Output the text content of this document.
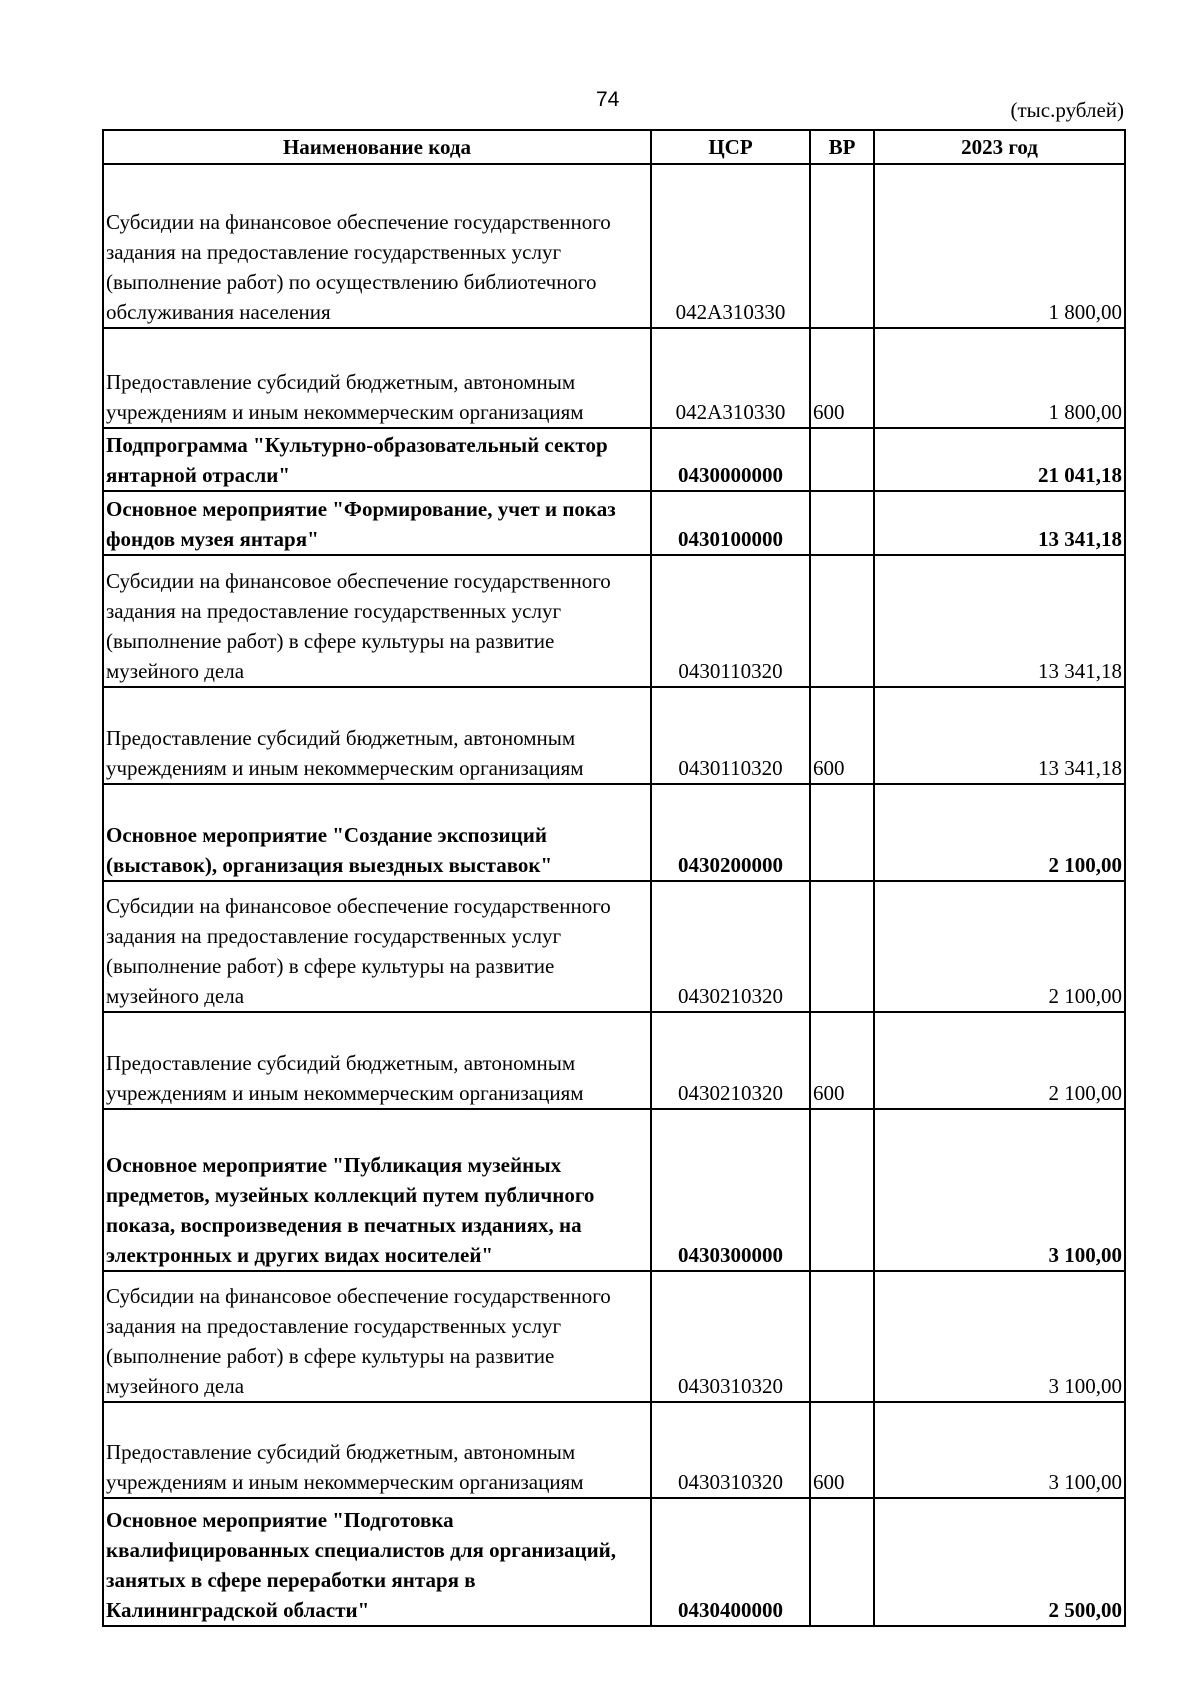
74	(тыс.рублей)
Наименование кода	ЦСР	ВР	2023 год
Субсидии на финансовое обеспечение государственного задания на предоставление государственных услуг (выполнение работ) по осуществлению библиотечного обслуживания населения	042А310330		1 800,00
Предоставление субсидий бюджетным, автономным учреждениям и иным некоммерческим организациям	042А310330	600	1 800,00
Подпрограмма "Культурно-образовательный сектор янтарной отрасли"	0430000000		21 041,18
Основное мероприятие "Формирование, учет и показ фондов музея янтаря"	0430100000		13 341,18
Субсидии на финансовое обеспечение государственного задания на предоставление государственных услуг (выполнение работ) в сфере культуры на развитие музейного дела	0430110320		13 341,18
Предоставление субсидий бюджетным, автономным учреждениям и иным некоммерческим организациям	0430110320	600	13 341,18
Основное мероприятие "Создание экспозиций (выставок), организация выездных выставок"	0430200000		2 100,00
Субсидии на финансовое обеспечение государственного задания на предоставление государственных услуг (выполнение работ) в сфере культуры на развитие музейного дела	0430210320		2 100,00
Предоставление субсидий бюджетным, автономным учреждениям и иным некоммерческим организациям	0430210320	600	2 100,00
Основное мероприятие "Публикация музейных предметов, музейных коллекций путем публичного показа, воспроизведения в печатных изданиях, на электронных и других видах носителей"	0430300000		3 100,00
Субсидии на финансовое обеспечение государственного задания на предоставление государственных услуг (выполнение работ) в сфере культуры на развитие музейного дела	0430310320		3 100,00
Предоставление субсидий бюджетным, автономным учреждениям и иным некоммерческим организациям	0430310320	600	3 100,00
Основное мероприятие "Подготовка квалифицированных специалистов для организаций, занятых в сфере переработки янтаря в Калининградской области"	0430400000		2 500,00
